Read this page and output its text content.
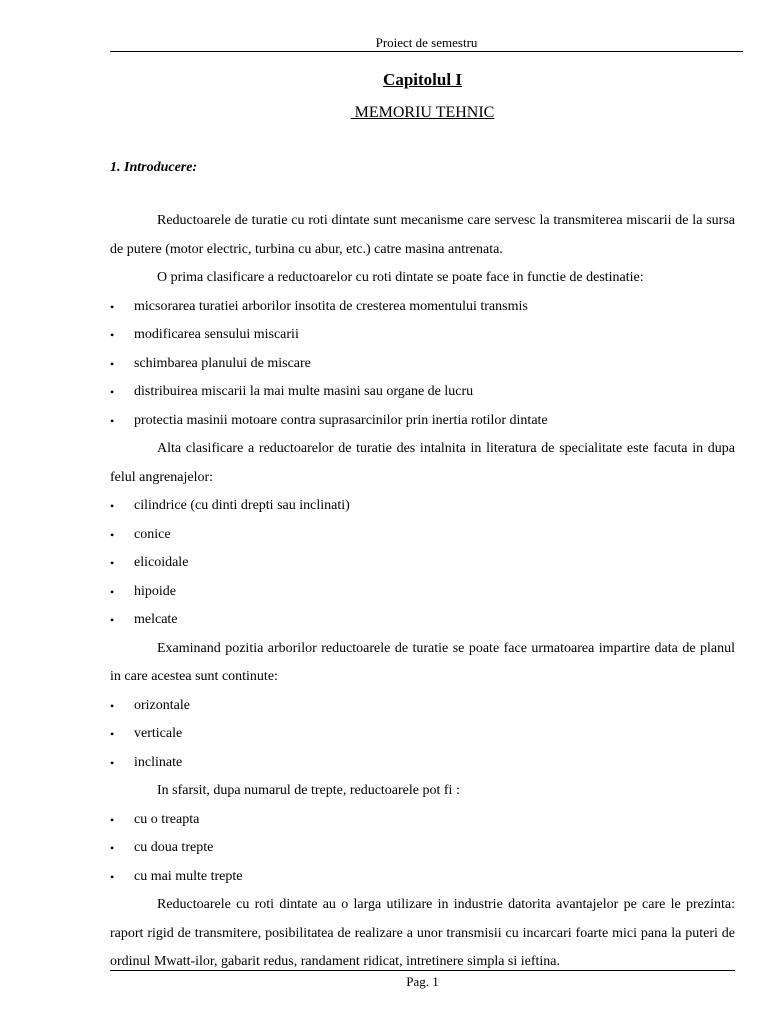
Proiect de semestru
Capitolul I
MEMORIU TEHNIC
1. Introducere:

Reductoarele de turatie cu roti dintate sunt mecanisme care servesc la transmiterea miscarii de la sursa de putere (motor electric, turbina cu abur, etc.) catre masina antrenata.

O prima clasificare a reductoarelor cu roti dintate se poate face in functie de destinatie:

• micsorarea turatiei arborilor insotita de cresterea momentului transmis
• modificarea sensului miscarii
• schimbarea planului de miscare
• distribuirea miscarii la mai multe masini sau organe de lucru
• protectia masinii motoare contra suprasarcinilor prin inertia rotilor dintate

Alta clasificare a reductoarelor de turatie des intalnita in literatura de specialitate este facuta in dupa felul angrenajelor:

• cilindrice (cu dinti drepti sau inclinati)
• conice
• elicoidale
• hipoide
• melcate

Examinand pozitia arborilor reductoarele de turatie se poate face urmatoarea impartire data de planul in care acestea sunt continute:

• orizontale
• verticale
• inclinate

In sfarsit, dupa numarul de trepte, reductoarele pot fi :

• cu o treapta
• cu doua trepte
• cu mai multe trepte

Reductoarele cu roti dintate au o larga utilizare in industrie datorita avantajelor pe care le prezinta: raport rigid de transmitere, posibilitatea de realizare a unor transmisii cu incarcari foarte mici pana la puteri de ordinul Mwatt-ilor, gabarit redus, randament ridicat, intretinere simpla si ieftina.

Pag. 1
